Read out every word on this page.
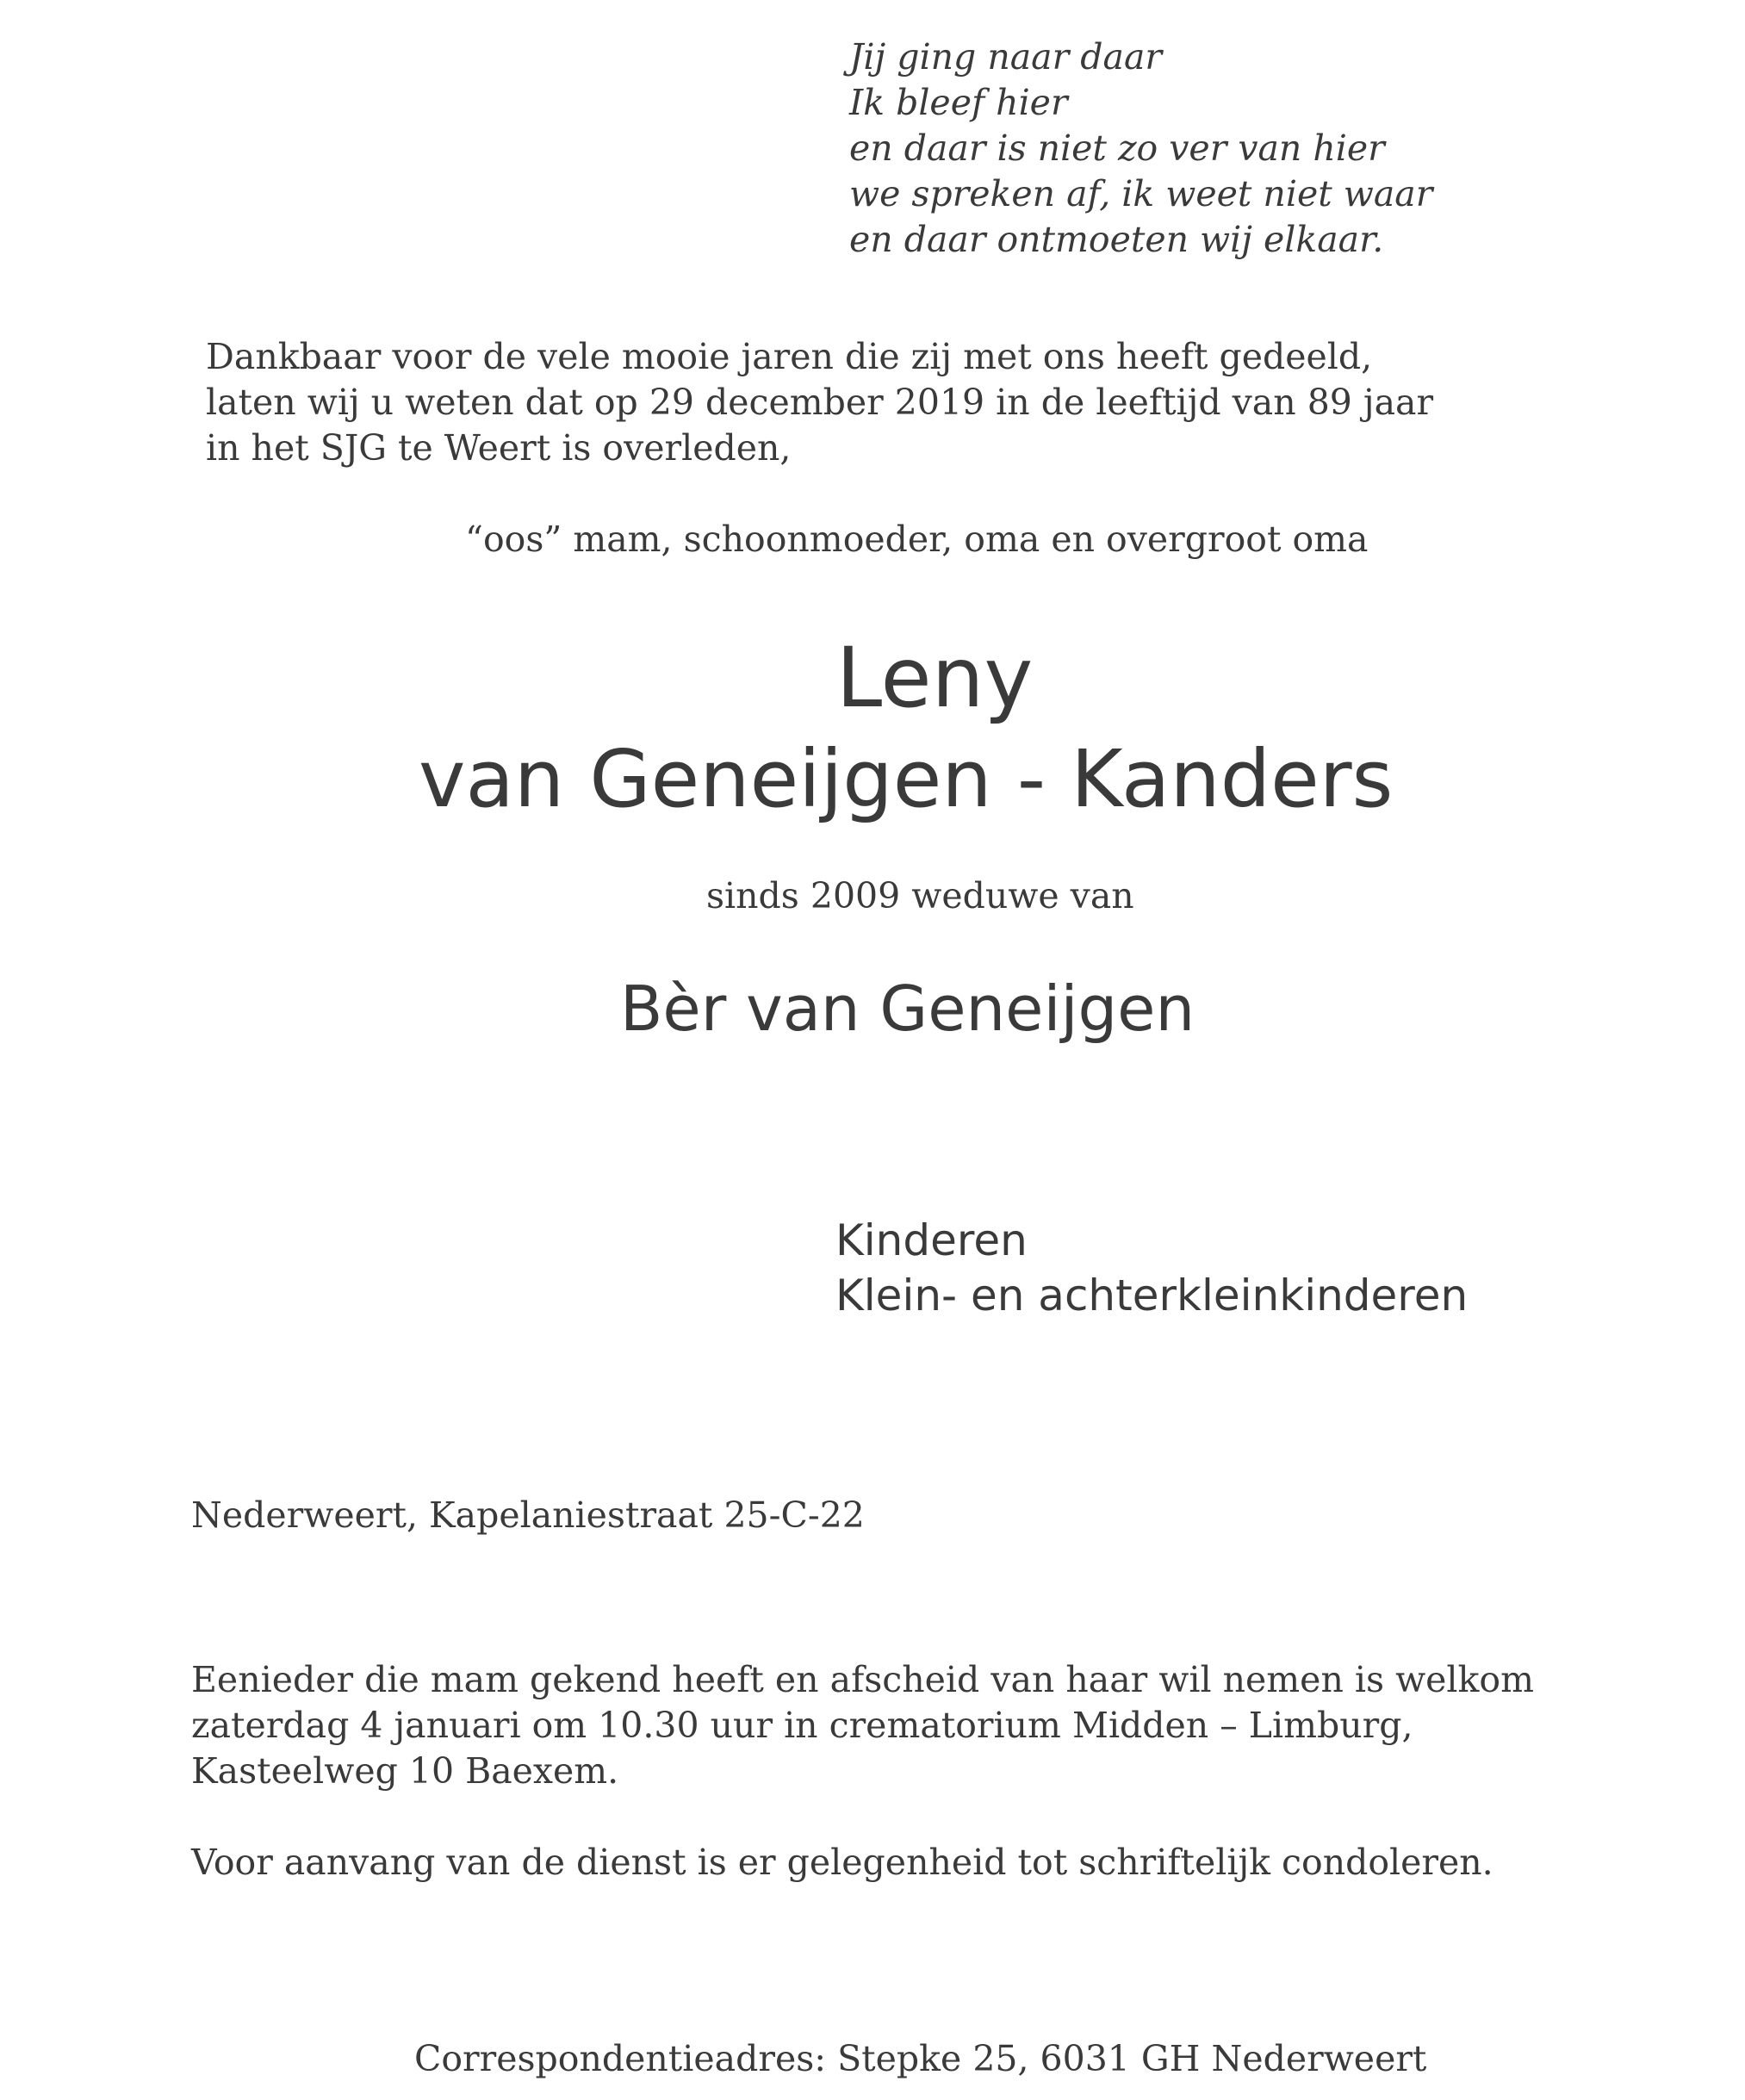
Jij ging naar daar
Ik bleef hier
en daar is niet zo ver van hier
we spreken af, ik weet niet waar
en daar ontmoeten wij elkaar.
Dankbaar voor de vele mooie jaren die zij met ons heeft gedeeld,
laten wij u weten dat op 29 december 2019 in de leeftijd van 89 jaar
in het SJG te Weert is overleden,
“oos” mam, schoonmoeder, oma en overgroot oma
Leny
van Geneijgen - Kanders
sinds 2009 weduwe van
Bèr van Geneijgen
Kinderen
Klein- en achterkleinkinderen
Nederweert, Kapelaniestraat 25-C-22
Eenieder die mam gekend heeft en afscheid van haar wil nemen is welkom
zaterdag 4 januari om 10.30 uur in crematorium Midden – Limburg,
Kasteelweg 10 Baexem.
Voor aanvang van de dienst is er gelegenheid tot schriftelijk condoleren.
Correspondentieadres: Stepke 25, 6031 GH Nederweert
